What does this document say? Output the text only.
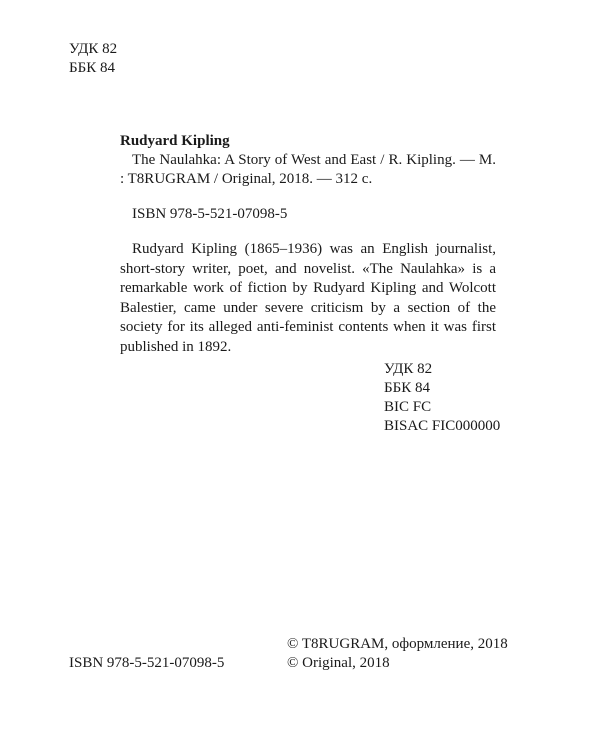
УДК 82
ББК 84

Rudyard Kipling

The Naulahka: A Story of West and East / R. Kipling. — M. : T8RUGRAM / Original, 2018. — 312 c.

ISBN 978-5-521-07098-5

Rudyard Kipling (1865–1936) was an English journalist, short-story writer, poet, and novelist. «The Naulahka» is a remarkable work of fiction by Rudyard Kipling and Wolcott Balestier, came under severe criticism by a section of the society for its alleged anti-feminist contents when it was first published in 1892.

УДК 82
ББК 84
BIC FC
BISAC FIC000000
© T8RUGRAM, оформление, 2018
© Original, 2018
ISBN 978-5-521-07098-5
